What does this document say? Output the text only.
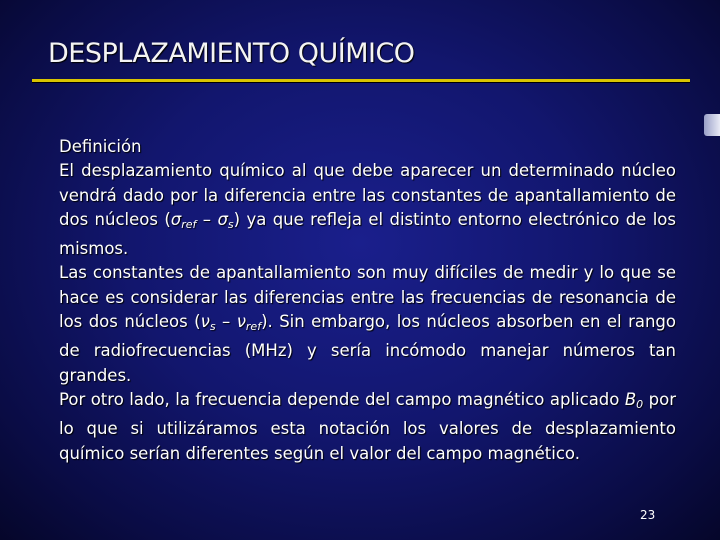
DESPLAZAMIENTO QUÍMICO

Definición

El desplazamiento químico al que debe aparecer un determinado núcleo vendrá dado por la diferencia entre las constantes de apantallamiento de dos núcleos $(\sigma_{ref} - \sigma_s)$ ya que refleja el distinto entorno electrónico de los mismos.

Las constantes de apantallamiento son muy difíciles de medir y lo que se hace es considerar las diferencias entre las frecuencias de resonancia de los dos núcleos $(\nu_s - \nu_{ref})$. Sin embargo, los núcleos absorben en el rango de radiofrecuencias (MHz) y sería incómodo manejar números tan grandes.

Por otro lado, la frecuencia depende del campo magnético aplicado $B_0$ por lo que si utilizáramos esta notación los valores de desplazamiento químico serían diferentes según el valor del campo magnético.

23
